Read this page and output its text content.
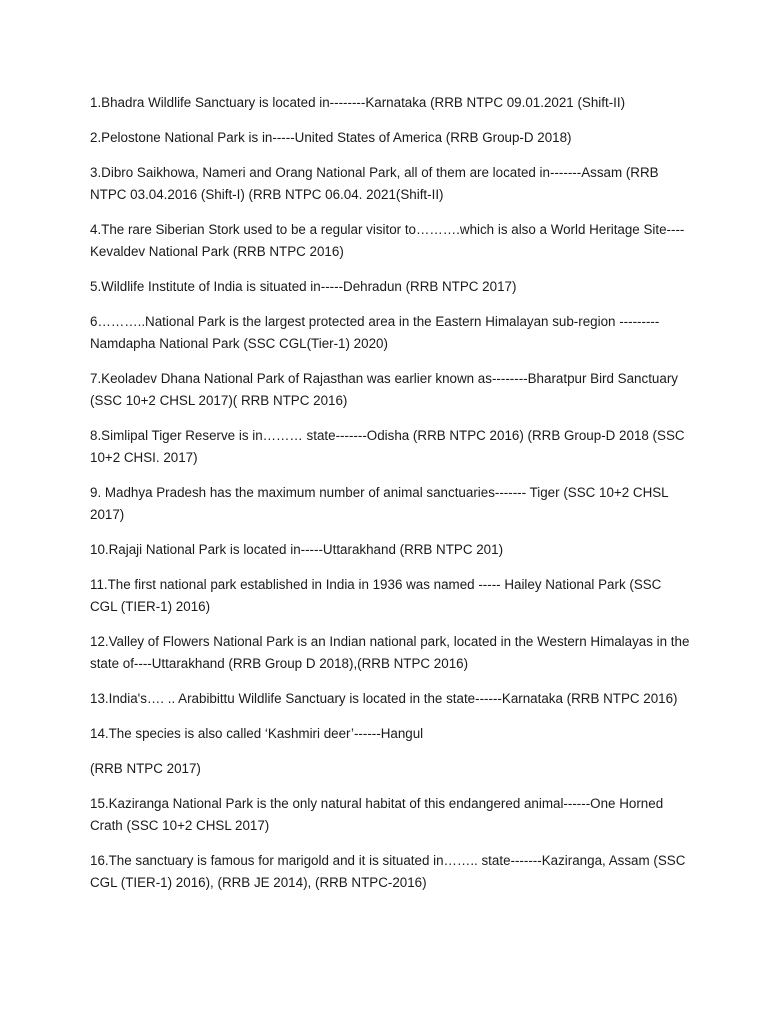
1.Bhadra Wildlife Sanctuary is located in--------Karnataka (RRB NTPC 09.01.2021 (Shift-II)

2.Pelostone National Park is in-----United States of America (RRB Group-D 2018)

3.Dibro Saikhowa, Nameri and Orang National Park, all of them are located in-------Assam (RRB NTPC 03.04.2016 (Shift-I) (RRB NTPC 06.04. 2021(Shift-II)

4.The rare Siberian Stork used to be a regular visitor to……….which is also a World Heritage Site----Kevaldev National Park (RRB NTPC 2016)

5.Wildlife Institute of India is situated in-----Dehradun (RRB NTPC 2017)

6………..National Park is the largest protected area in the Eastern Himalayan sub-region ---------Namdapha National Park (SSC CGL(Tier-1) 2020)

7.Keoladev Dhana National Park of Rajasthan was earlier known as--------Bharatpur Bird Sanctuary (SSC 10+2 CHSL 2017)( RRB NTPC 2016)

8.Simlipal Tiger Reserve is in……… state-------Odisha (RRB NTPC 2016) (RRB Group-D 2018 (SSC 10+2 CHSI. 2017)

9. Madhya Pradesh has the maximum number of animal sanctuaries------- Tiger (SSC 10+2 CHSL 2017)

10.Rajaji National Park is located in-----Uttarakhand (RRB NTPC 201)

11.The first national park established in India in 1936 was named ----- Hailey National Park (SSC CGL (TIER-1) 2016)

12.Valley of Flowers National Park is an Indian national park, located in the Western Himalayas in the state of----Uttarakhand (RRB Group D 2018),(RRB NTPC 2016)

13.India's…. .. Arabibittu Wildlife Sanctuary is located in the state------Karnataka (RRB NTPC 2016)

14.The species is also called ‘Kashmiri deer’------Hangul

(RRB NTPC 2017)

15.Kaziranga National Park is the only natural habitat of this endangered animal------One Horned Crath (SSC 10+2 CHSL 2017)

16.The sanctuary is famous for marigold and it is situated in…….. state-------Kaziranga, Assam (SSC CGL (TIER-1) 2016), (RRB JE 2014), (RRB NTPC-2016)
